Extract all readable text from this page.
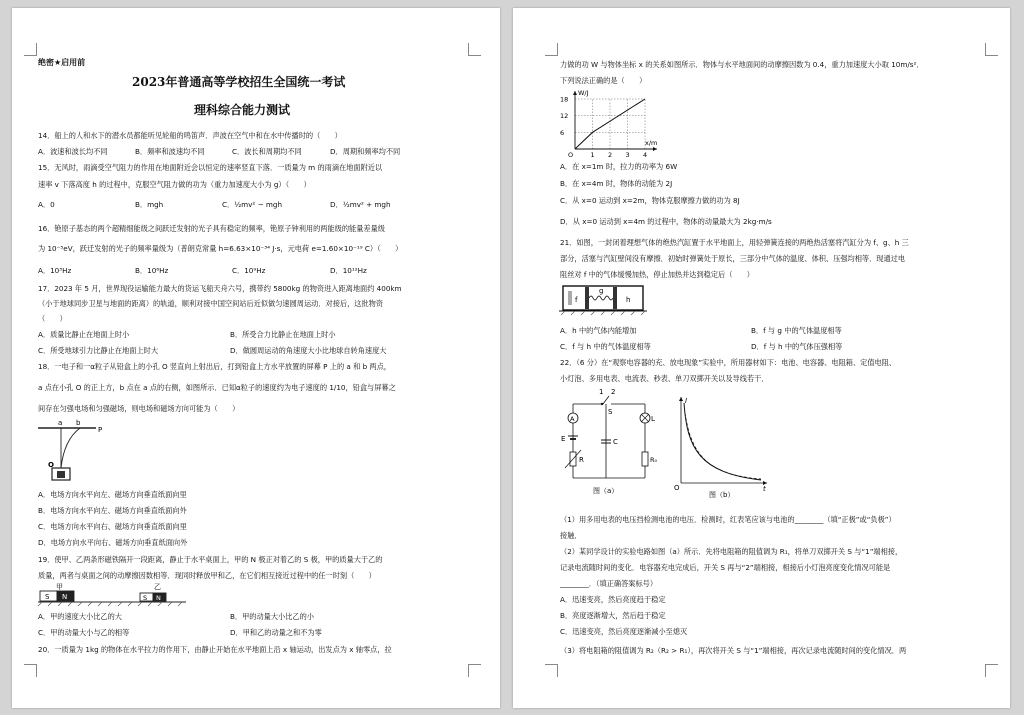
绝密★启用前
2023年普通高等学校招生全国统一考试
理科综合能力测试
14．船上的人和水下的潜水员都能听见轮船的鸣笛声．声波在空气中和在水中传播时的（　　）
A．波速和波长均不同	B．频率和波速均不同	C．波长和周期均不同	D．周期和频率均不同
15．无风时，雨滴受空气阻力的作用在地面附近会以恒定的速率竖直下落．一质量为 m 的雨滴在地面附近以
速率 v 下落高度 h 的过程中，克服空气阻力做的功为（重力加速度大小为 g）（　　）
A．0	B．mgh	C．½mv² − mgh	D．½mv² + mgh
16．铯原子基态的两个超精细能级之间跃迁发射的光子具有稳定的频率，铯原子钟利用的两能级的能量差量级
为 10⁻⁵eV，跃迁发射的光子的频率量级为（普朗克常量 h=6.63×10⁻³⁴ J·s，元电荷 e=1.60×10⁻¹⁹ C）（　　）
A．10³Hz	B．10⁶Hz	C．10⁹Hz	D．10¹²Hz
17．2023 年 5 月，世界现役运输能力最大的货运飞船天舟六号，携带约 5800kg 的物资进入距离地面约 400km
（小于地球同步卫星与地面的距离）的轨道，顺利对接中国空间站后近似做匀速圆周运动．对接后，这批物资
（　　）
A．质量比静止在地面上时小	B．所受合力比静止在地面上时小
C．所受地球引力比静止在地面上时大	D．做圆周运动的角速度大小比地球自转角速度大
18．一电子和一α粒子从铅盒上的小孔 O 竖直向上射出后，打到铅盒上方水平放置的屏幕 P 上的 a 和 b 两点，
a 点在小孔 O 的正上方，b 点在 a 点的右侧，如图所示．已知α粒子的速度约为电子速度的 1/10，铅盒与屏幕之
间存在匀强电场和匀强磁场，则电场和磁场方向可能为（　　）
a b
P
O
A．电场方向水平向左、磁场方向垂直纸面向里
B．电场方向水平向左、磁场方向垂直纸面向外
C．电场方向水平向右、磁场方向垂直纸面向里
D．电场方向水平向右、磁场方向垂直纸面向外
19．使甲、乙两条形磁铁隔开一段距离，静止于水平桌面上，甲的 N 极正对着乙的 S 极，甲的质量大于乙的
质量，两者与桌面之间的动摩擦因数相等．现同时释放甲和乙，在它们相互接近过程中的任一时刻（　　）
甲	乙
S N	S N
A．甲的速度大小比乙的大	B．甲的动量大小比乙的小
C．甲的动量大小与乙的相等	D．甲和乙的动量之和不为零
20．一质量为 1kg 的物体在水平拉力的作用下，由静止开始在水平地面上沿 x 轴运动，出发点为 x 轴零点，拉
力做的功 W 与物体坐标 x 的关系如图所示．物体与水平地面间的动摩擦因数为 0.4，重力加速度大小取 10m/s²．
下列说法正确的是（　　）
W/J
x/m
18
12
6
O	1 2 3 4
A．在 x=1m 时，拉力的功率为 6W
B．在 x=4m 时，物体的动能为 2J
C．从 x=0 运动到 x=2m，物体克服摩擦力做的功为 8J
D．从 x=0 运动到 x=4m 的过程中，物体的动量最大为 2kg·m/s
21．如图，一封闭着理想气体的绝热汽缸置于水平地面上，用轻弹簧连接的两绝热活塞将汽缸分为 f、g、h 三
部分，活塞与汽缸壁间没有摩擦．初始时弹簧处于原长，三部分中气体的温度、体积、压强均相等．现通过电
阻丝对 f 中的气体缓慢加热，停止加热并达到稳定后（　　）
f
g
h
A．h 中的气体内能增加	B．f 与 g 中的气体温度相等
C．f 与 h 中的气体温度相等	D．f 与 h 中的气体压强相等
22．（6 分）在“观察电容器的充、放电现象”实验中，所用器材如下：电池、电容器、电阻箱、定值电阻、
小灯泡、多用电表、电流表、秒表、单刀双掷开关以及导线若干．
1 2
S
A
E
R
C
L
R₀
图（a）
I
O	t
图（b）
（1）用多用电表的电压挡检测电池的电压．检测时，红表笔应该与电池的________（填“正极”或“负极”）
接触．
（2）某同学设计的实验电路如图（a）所示．先将电阻箱的阻值调为 R₁，将单刀双掷开关 S 与“1”端相接，
记录电流随时间的变化．电容器充电完成后，开关 S 再与“2”端相接，相接后小灯泡亮度变化情况可能是
________．（填正确答案标号）
A．迅速变亮，然后亮度趋于稳定
B．亮度逐渐增大，然后趋于稳定
C．迅速变亮，然后亮度逐渐减小至熄灭
（3）将电阻箱的阻值调为 R₂（R₂ > R₁），再次将开关 S 与“1”端相接，再次记录电流随时间的变化情况．两
